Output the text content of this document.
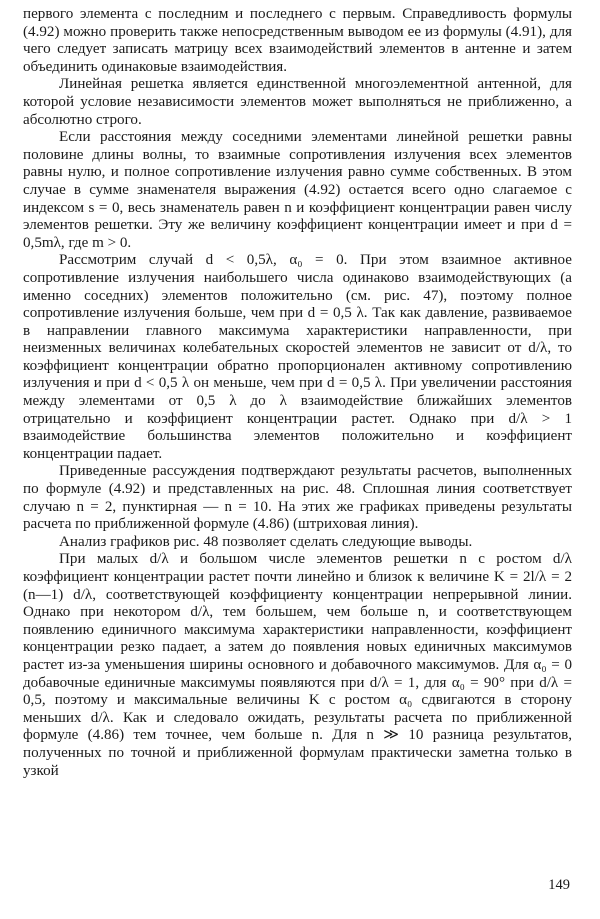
первого элемента с последним и последнего с первым. Справедливость формулы (4.92) можно проверить также непосредственным выводом ее из формулы (4.91), для чего следует записать матрицу всех взаимодействий элементов в антенне и затем объединить одинаковые взаимодействия.

Линейная решетка является единственной многоэлементной антенной, для которой условие независимости элементов может выполняться не приближенно, а абсолютно строго.

Если расстояния между соседними элементами линейной решетки равны половине длины волны, то взаимные сопротивления излучения всех элементов равны нулю, и полное сопротивление излучения равно сумме собственных. В этом случае в сумме знаменателя выражения (4.92) остается всего одно слагаемое с индексом s = 0, весь знаменатель равен n и коэффициент концентрации равен числу элементов решетки. Эту же величину коэффициент концентрации имеет и при d = 0,5mλ, где m > 0.

Рассмотрим случай d < 0,5λ, α₀ = 0. При этом взаимное активное сопротивление излучения наибольшего числа одинаково взаимодействующих (а именно соседних) элементов положительно (см. рис. 47), поэтому полное сопротивление излучения больше, чем при d = 0,5 λ. Так как давление, развиваемое в направлении главного максимума характеристики направленности, при неизменных величинах колебательных скоростей элементов не зависит от d/λ, то коэффициент концентрации обратно пропорционален активному сопротивлению излучения и при d < 0,5 λ он меньше, чем при d = 0,5 λ. При увеличении расстояния между элементами от 0,5 λ до λ взаимодействие ближайших элементов отрицательно и коэффициент концентрации растет. Однако при d/λ > 1 взаимодействие большинства элементов положительно и коэффициент концентрации падает.

Приведенные рассуждения подтверждают результаты расчетов, выполненных по формуле (4.92) и представленных на рис. 48. Сплошная линия соответствует случаю n = 2, пунктирная — n = 10. На этих же графиках приведены результаты расчета по приближенной формуле (4.86) (штриховая линия).

Анализ графиков рис. 48 позволяет сделать следующие выводы.

При малых d/λ и большом числе элементов решетки n с ростом d/λ коэффициент концентрации растет почти линейно и близок к величине K = 2l/λ = 2 (n—1) d/λ, соответствующей коэффициенту концентрации непрерывной линии. Однако при некотором d/λ, тем большем, чем больше n, и соответствующем появлению единичного максимума характеристики направленности, коэффициент концентрации резко падает, а затем до появления новых единичных максимумов растет из-за уменьшения ширины основного и добавочного максимумов. Для α₀ = 0 добавочные единичные максимумы появляются при d/λ = 1, для α₀ = 90° при d/λ = 0,5, поэтому и максимальные величины K с ростом α₀ сдвигаются в сторону меньших d/λ. Как и следовало ожидать, результаты расчета по приближенной формуле (4.86) тем точнее, чем больше n. Для n ≫ 10 разница результатов, полученных по точной и приближенной формулам практически заметна только в узкой

149
